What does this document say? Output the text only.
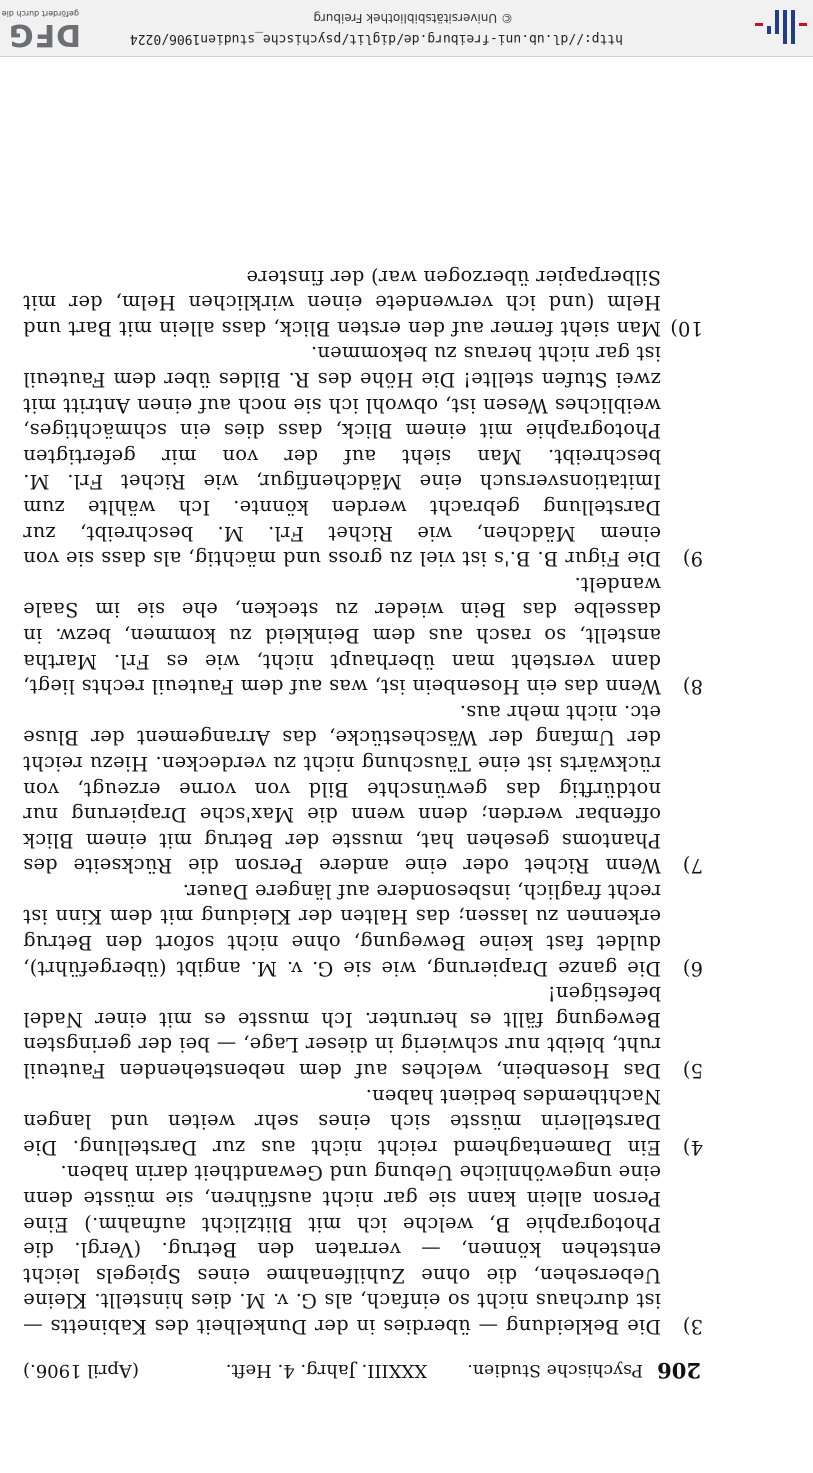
206
Psychische Studien.
XXXIII. Jahrg. 4. Heft.
(April 1906.)
3)
Die Bekleidung — überdies in der Dunkelheit des Kabinetts — ist durchaus nicht so einfach, als G. v. M. dies hinstellt. Kleine Uebersehen, die ohne Zuhilfenahme eines Spiegels leicht entstehen können, — verraten den Betrug. (Vergl. die Photographie B, welche ich mit Blitzlicht aufnahm.) Eine Person allein kann sie gar nicht ausführen, sie müsste denn eine ungewöhnliche Uebung und Gewandtheit darin haben.
4)
Ein Damentaghemd reicht nicht aus zur Darstellung. Die Darstellerin müsste sich eines sehr weiten und langen Nachthemdes bedient haben.
5)
Das Hosenbein, welches auf dem nebenstehenden Fauteuil ruht, bleibt nur schwierig in dieser Lage, — bei der geringsten Bewegung fällt es herunter. Ich musste es mit einer Nadel befestigen!
6)
Die ganze Drapierung, wie sie G. v. M. angibt (übergeführt), duldet fast keine Bewegung, ohne nicht sofort den Betrug erkennen zu lassen; das Halten der Kleidung mit dem Kinn ist recht fraglich, insbesondere auf längere Dauer.
7)
Wenn Richet oder eine andere Person die Rückseite des Phantoms gesehen hat, musste der Betrug mit einem Blick offenbar werden; denn wenn die Max'sche Drapierung nur notdürftig das gewünschte Bild von vorne erzeugt, von rückwärts ist eine Täuschung nicht zu verdecken. Hiezu reicht der Umfang der Wäschestücke, das Arrangement der Bluse etc. nicht mehr aus.
8)
Wenn das ein Hosenbein ist, was auf dem Fauteuil rechts liegt, dann versteht man überhaupt nicht, wie es Frl. Martha anstellt, so rasch aus dem Beinkleid zu kommen, bezw. in dasselbe das Bein wieder zu stecken, ehe sie im Saale wandelt.
9)
Die Figur B. B.'s ist viel zu gross und mächtig, als dass sie von einem Mädchen, wie Richet Frl. M. beschreibt, zur Darstellung gebracht werden könnte. Ich wählte zum Imitationsversuch eine Mädchenfigur, wie Richet Frl. M. beschreibt. Man sieht auf der von mir gefertigten Photographie mit einem Blick, dass dies ein schmächtiges, weibliches Wesen ist, obwohl ich sie noch auf einen Antritt mit zwei Stufen stellte! Die Höhe des R. Bildes über dem Fauteuil ist gar nicht heraus zu bekommen.
10)
Man sieht ferner auf den ersten Blick, dass allein mit Bart und Helm (und ich verwendete einen wirklichen Helm, der mit Silberpapier überzogen war) der finstere
http://dl.ub.uni-freiburg.de/diglit/psychische_studien1906/0224
© Universitätsbibliothek Freiburg
DFG
gefördert durch die
